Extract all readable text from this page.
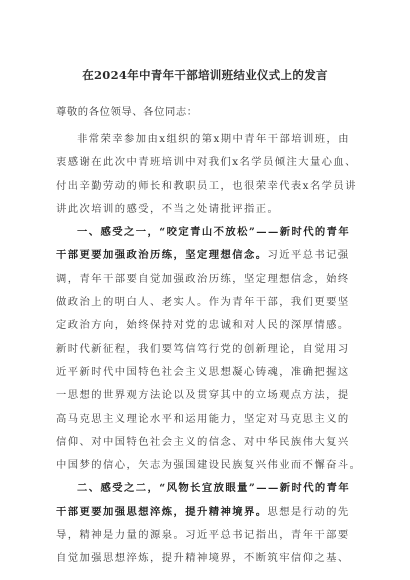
在2024年中青年干部培训班结业仪式上的发言
尊敬的各位领导、各位同志：

非常荣幸参加由x组织的第x期中青年干部培训班，由
衷感谢在此次中青班培训中对我们x名学员倾注大量心血、
付出辛勤劳动的师长和教职员工，也很荣幸代表x名学员讲
讲此次培训的感受，不当之处请批评指正。

一、感受之一，“咬定青山不放松”——新时代的青年
干部更要加强政治历练，坚定理想信念。习近平总书记强
调，青年干部要自觉加强政治历练，坚定理想信念，始终
做政治上的明白人、老实人。作为青年干部，我们更要坚
定政治方向，始终保持对党的忠诚和对人民的深厚情感。

新时代新征程，我们要笃信笃行党的创新理论，自觉用习
近平新时代中国特色社会主义思想凝心铸魂，准确把握这
一思想的世界观方法论以及贯穿其中的立场观点方法，提
高马克思主义理论水平和运用能力，坚定对马克思主义的
信仰、对中国特色社会主义的信念、对中华民族伟大复兴
中国梦的信心，矢志为强国建设民族复兴伟业而不懈奋斗。

二、感受之二，“风物长宜放眼量”——新时代的青年
干部更要加强思想淬炼，提升精神境界。思想是行动的先
导，精神是力量的源泉。习近平总书记指出，青年干部要
自觉加强思想淬炼，提升精神境界，不断筑牢信仰之基、
